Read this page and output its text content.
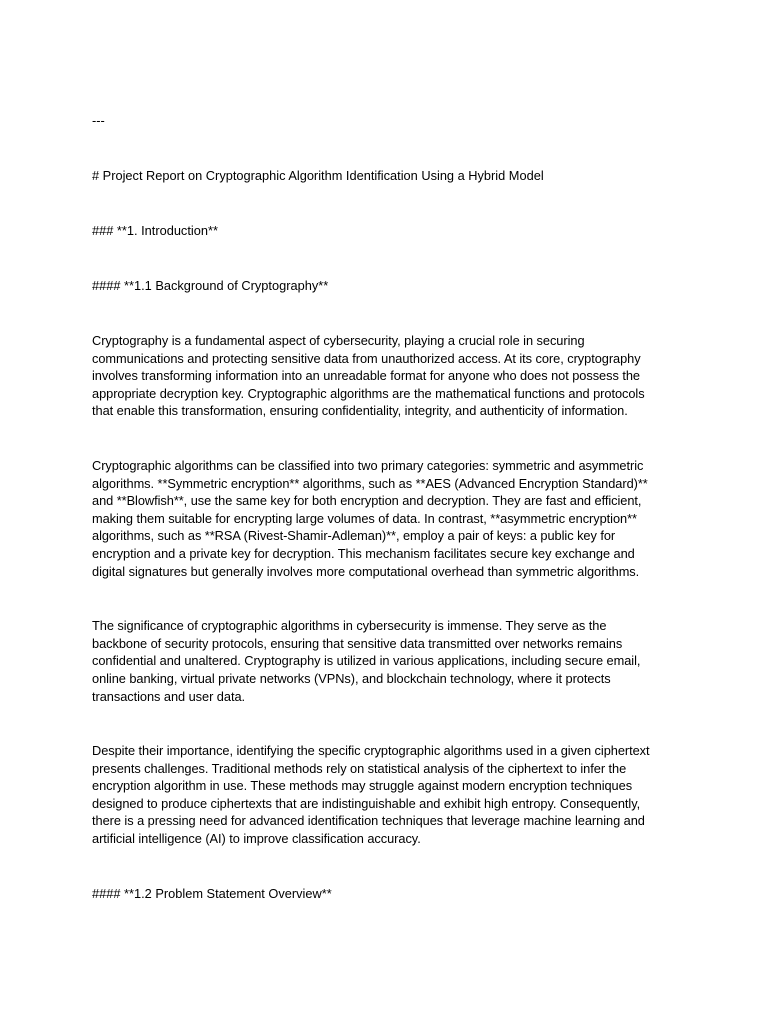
---

# Project Report on Cryptographic Algorithm Identification Using a Hybrid Model

### **1. Introduction**

#### **1.1 Background of Cryptography**

Cryptography is a fundamental aspect of cybersecurity, playing a crucial role in securing
communications and protecting sensitive data from unauthorized access. At its core, cryptography
involves transforming information into an unreadable format for anyone who does not possess the
appropriate decryption key. Cryptographic algorithms are the mathematical functions and protocols
that enable this transformation, ensuring confidentiality, integrity, and authenticity of information.
Cryptographic algorithms can be classified into two primary categories: symmetric and asymmetric
algorithms. **Symmetric encryption** algorithms, such as **AES (Advanced Encryption Standard)**
and **Blowfish**, use the same key for both encryption and decryption. They are fast and efficient,
making them suitable for encrypting large volumes of data. In contrast, **asymmetric encryption**
algorithms, such as **RSA (Rivest-Shamir-Adleman)**, employ a pair of keys: a public key for
encryption and a private key for decryption. This mechanism facilitates secure key exchange and
digital signatures but generally involves more computational overhead than symmetric algorithms.
The significance of cryptographic algorithms in cybersecurity is immense. They serve as the
backbone of security protocols, ensuring that sensitive data transmitted over networks remains
confidential and unaltered. Cryptography is utilized in various applications, including secure email,
online banking, virtual private networks (VPNs), and blockchain technology, where it protects
transactions and user data.
Despite their importance, identifying the specific cryptographic algorithms used in a given ciphertext
presents challenges. Traditional methods rely on statistical analysis of the ciphertext to infer the
encryption algorithm in use. These methods may struggle against modern encryption techniques
designed to produce ciphertexts that are indistinguishable and exhibit high entropy. Consequently,
there is a pressing need for advanced identification techniques that leverage machine learning and
artificial intelligence (AI) to improve classification accuracy.

#### **1.2 Problem Statement Overview**
